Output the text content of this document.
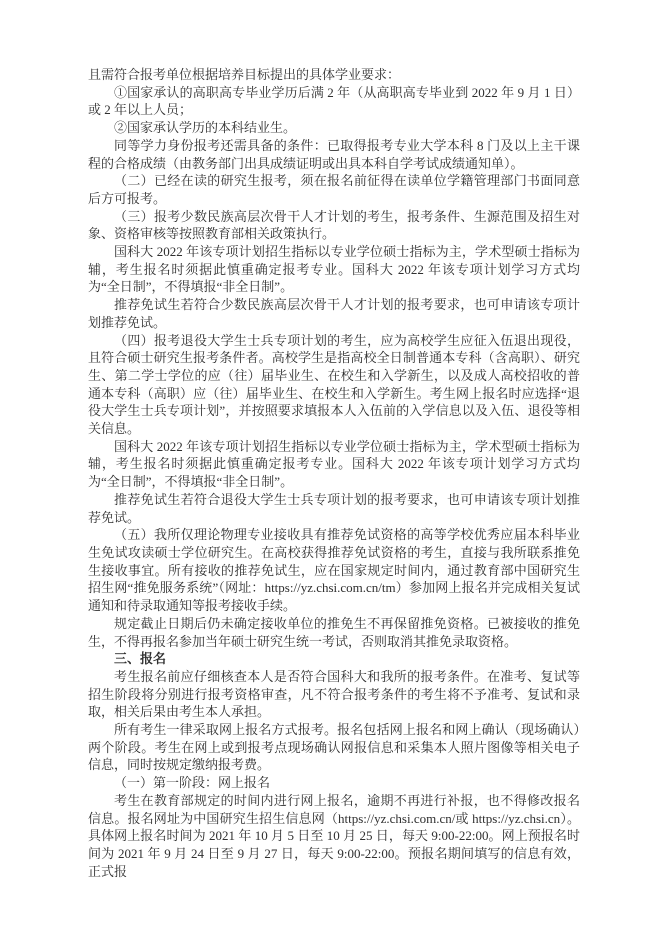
且需符合报考单位根据培养目标提出的具体学业要求：

①国家承认的高职高专毕业学历后满 2 年（从高职高专毕业到 2022 年 9 月 1 日）或 2 年以上人员；

②国家承认学历的本科结业生。

同等学力身份报考还需具备的条件：已取得报考专业大学本科 8 门及以上主干课程的合格成绩（由教务部门出具成绩证明或出具本科自学考试成绩通知单）。

（二）已经在读的研究生报考，须在报名前征得在读单位学籍管理部门书面同意后方可报考。

（三）报考少数民族高层次骨干人才计划的考生，报考条件、生源范围及招生对象、资格审核等按照教育部相关政策执行。

国科大 2022 年该专项计划招生指标以专业学位硕士指标为主，学术型硕士指标为辅，考生报名时须据此慎重确定报考专业。国科大 2022 年该专项计划学习方式均为“全日制”，不得填报“非全日制”。

推荐免试生若符合少数民族高层次骨干人才计划的报考要求，也可申请该专项计划推荐免试。

（四）报考退役大学生士兵专项计划的考生，应为高校学生应征入伍退出现役，且符合硕士研究生报考条件者。高校学生是指高校全日制普通本专科（含高职）、研究生、第二学士学位的应（往）届毕业生、在校生和入学新生，以及成人高校招收的普通本专科（高职）应（往）届毕业生、在校生和入学新生。考生网上报名时应选择“退役大学生士兵专项计划”，并按照要求填报本人入伍前的入学信息以及入伍、退役等相关信息。

国科大 2022 年该专项计划招生指标以专业学位硕士指标为主，学术型硕士指标为辅，考生报名时须据此慎重确定报考专业。国科大 2022 年该专项计划学习方式均为“全日制”，不得填报“非全日制”。

推荐免试生若符合退役大学生士兵专项计划的报考要求，也可申请该专项计划推荐免试。

（五）我所仅理论物理专业接收具有推荐免试资格的高等学校优秀应届本科毕业生免试攻读硕士学位研究生。在高校获得推荐免试资格的考生，直接与我所联系推免生接收事宜。所有接收的推荐免试生，应在国家规定时间内，通过教育部中国研究生招生网“推免服务系统”（网址：https://yz.chsi.com.cn/tm）参加网上报名并完成相关复试通知和待录取通知等报考接收手续。

规定截止日期后仍未确定接收单位的推免生不再保留推免资格。已被接收的推免生，不得再报名参加当年硕士研究生统一考试，否则取消其推免录取资格。

三、报名

考生报名前应仔细核查本人是否符合国科大和我所的报考条件。在准考、复试等招生阶段将分别进行报考资格审查，凡不符合报考条件的考生将不予准考、复试和录取，相关后果由考生本人承担。

所有考生一律采取网上报名方式报考。报名包括网上报名和网上确认（现场确认）两个阶段。考生在网上或到报考点现场确认网报信息和采集本人照片图像等相关电子信息，同时按规定缴纳报考费。

（一）第一阶段：网上报名

考生在教育部规定的时间内进行网上报名，逾期不再进行补报，也不得修改报名信息。报名网址为中国研究生招生信息网（https://yz.chsi.com.cn/或 https://yz.chsi.cn）。具体网上报名时间为 2021 年 10 月 5 日至 10 月 25 日，每天 9:00-22:00。网上预报名时间为 2021 年 9 月 24 日至 9 月 27 日，每天 9:00-22:00。预报名期间填写的信息有效，正式报
